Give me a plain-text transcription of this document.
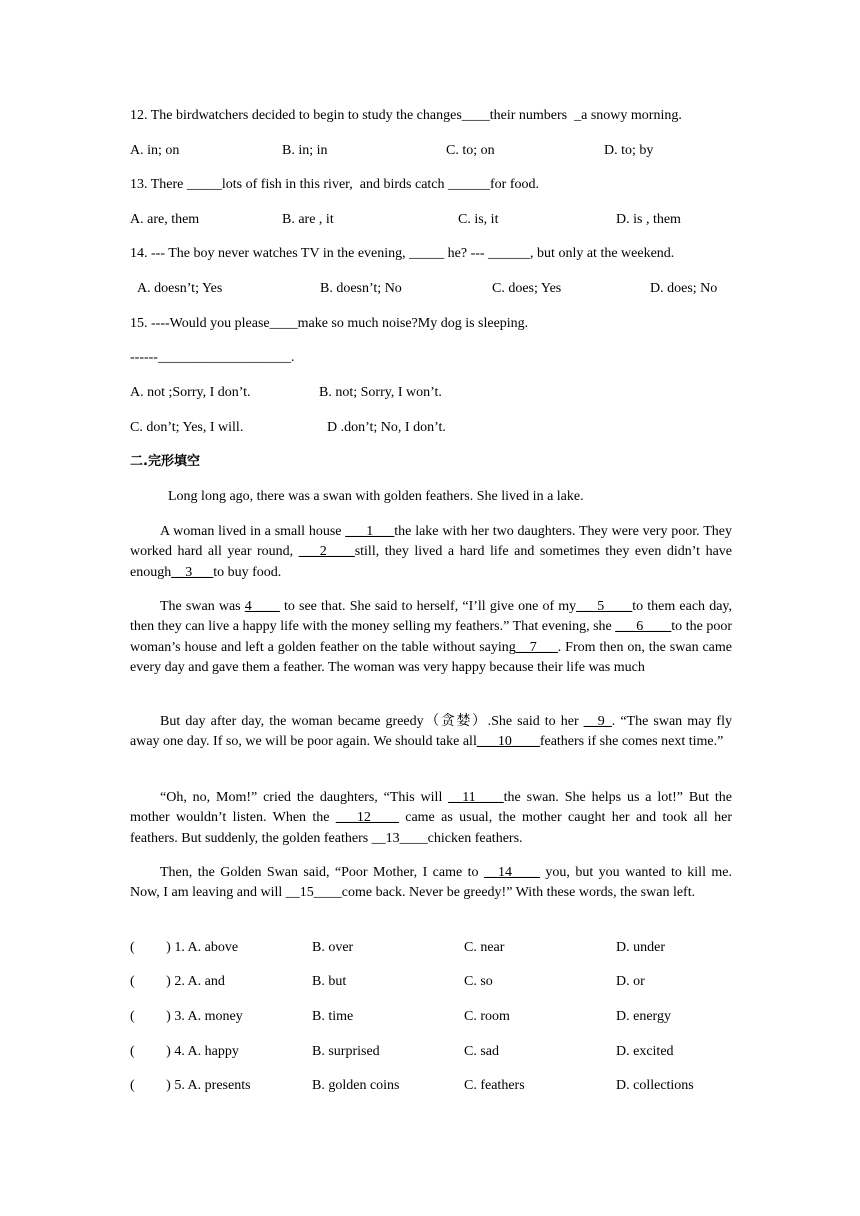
12. The birdwatchers decided to begin to study the changes____their numbers  _a snowy morning.
A. in; on	B. in; in	C. to; on	D. to; by
13. There _____lots of fish in this river,  and birds catch ______for food.
A. are, them	B. are , it	C. is, it	D. is , them
14. --- The boy never watches TV in the evening, _____ he? --- ______, but only at the weekend.
A. doesn’t; Yes	B. doesn’t; No	C. does; Yes	D. does; No
15. ----Would you please____make so much noise?My dog is sleeping.
------___________________.
A. not ;Sorry, I don’t.	B. not; Sorry, I won’t.
C. don’t; Yes, I will.	D .don’t; No, I don’t.
二.完形填空
Long long ago, there was a swan with golden feathers. She lived in a lake.
A woman lived in a small house ___1___the lake with her two daughters. They were very poor. They worked hard all year round, ___2____still, they lived a hard life and sometimes they even didn’t have enough__3___to buy food.
The swan was 4____ to see that. She said to herself, “I’ll give one of my___5____to them each day, then they can live a happy life with the money selling my feathers.” That evening, she ___6____to the poor woman’s house and left a golden feather on the table without saying__7___. From then on, the swan came every day and gave them a feather. The woman was very happy because their life was much
But day after day, the woman became greedy（贪婪）.She said to her __9_. “The swan may fly away one day. If so, we will be poor again. We should take all___10____feathers if she comes next time.”
“Oh, no, Mom!” cried the daughters, “This will __11____the swan. She helps us a lot!” But the mother wouldn’t listen. When the ___12____ came as usual, the mother caught her and took all her feathers. But suddenly, the golden feathers __13____chicken feathers.
Then, the Golden Swan said, “Poor Mother, I came to __14____ you, but you wanted to kill me. Now, I am leaving and will __15____come back. Never be greedy!” With these words, the swan left.
(         ) 1. A. above	B. over	C. near	D. under
(         ) 2. A. and	B. but	C. so	D. or
(         ) 3. A. money	B. time	C. room	D. energy
(         ) 4. A. happy	B. surprised	C. sad	D. excited
(         ) 5. A. presents	B. golden coins	C. feathers	D. collections
